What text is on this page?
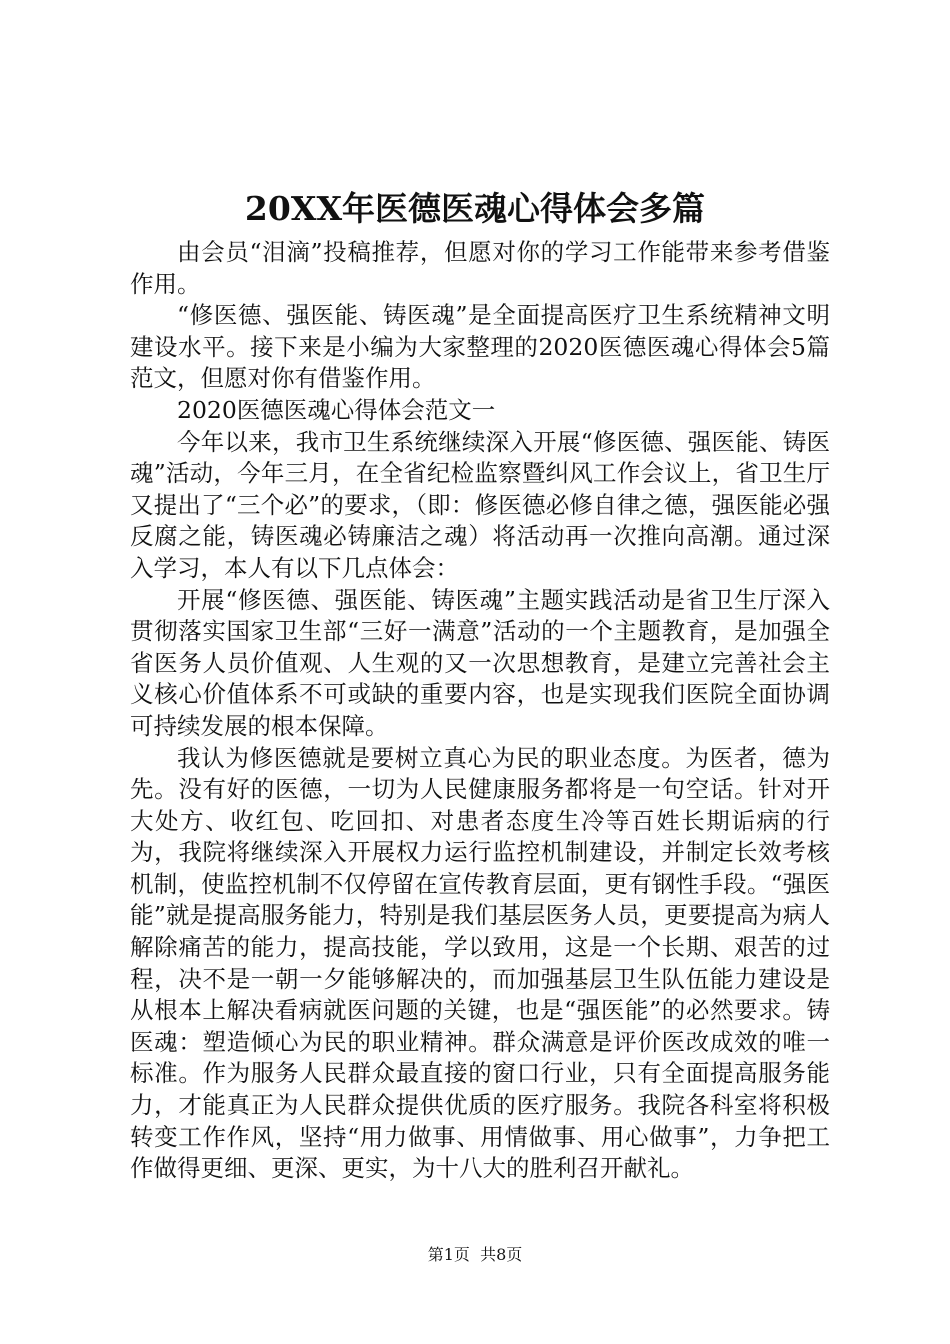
20XX年医德医魂心得体会多篇

由会员“泪滴”投稿推荐，但愿对你的学习工作能带来参考借鉴作用。

“修医德、强医能、铸医魂”是全面提高医疗卫生系统精神文明建设水平。接下来是小编为大家整理的2020医德医魂心得体会5篇范文，但愿对你有借鉴作用。

2020医德医魂心得体会范文一

今年以来，我市卫生系统继续深入开展“修医德、强医能、铸医魂”活动，今年三月，在全省纪检监察暨纠风工作会议上，省卫生厅又提出了“三个必”的要求，（即：修医德必修自律之德，强医能必强反腐之能，铸医魂必铸廉洁之魂）将活动再一次推向高潮。通过深入学习，本人有以下几点体会：

开展“修医德、强医能、铸医魂”主题实践活动是省卫生厅深入贯彻落实国家卫生部“三好一满意”活动的一个主题教育，是加强全省医务人员价值观、人生观的又一次思想教育，是建立完善社会主义核心价值体系不可或缺的重要内容，也是实现我们医院全面协调可持续发展的根本保障。

我认为修医德就是要树立真心为民的职业态度。为医者，德为先。没有好的医德，一切为人民健康服务都将是一句空话。针对开大处方、收红包、吃回扣、对患者态度生冷等百姓长期诟病的行为，我院将继续深入开展权力运行监控机制建设，并制定长效考核机制，使监控机制不仅停留在宣传教育层面，更有钢性手段。“强医能”就是提高服务能力，特别是我们基层医务人员，更要提高为病人解除痛苦的能力，提高技能，学以致用，这是一个长期、艰苦的过程，决不是一朝一夕能够解决的，而加强基层卫生队伍能力建设是从根本上解决看病就医问题的关键，也是“强医能”的必然要求。铸医魂：塑造倾心为民的职业精神。群众满意是评价医改成效的唯一标准。作为服务人民群众最直接的窗口行业，只有全面提高服务能力，才能真正为人民群众提供优质的医疗服务。我院各科室将积极转变工作作风，坚持“用力做事、用情做事、用心做事”，力争把工作做得更细、更深、更实，为十八大的胜利召开献礼。

第1页  共8页
